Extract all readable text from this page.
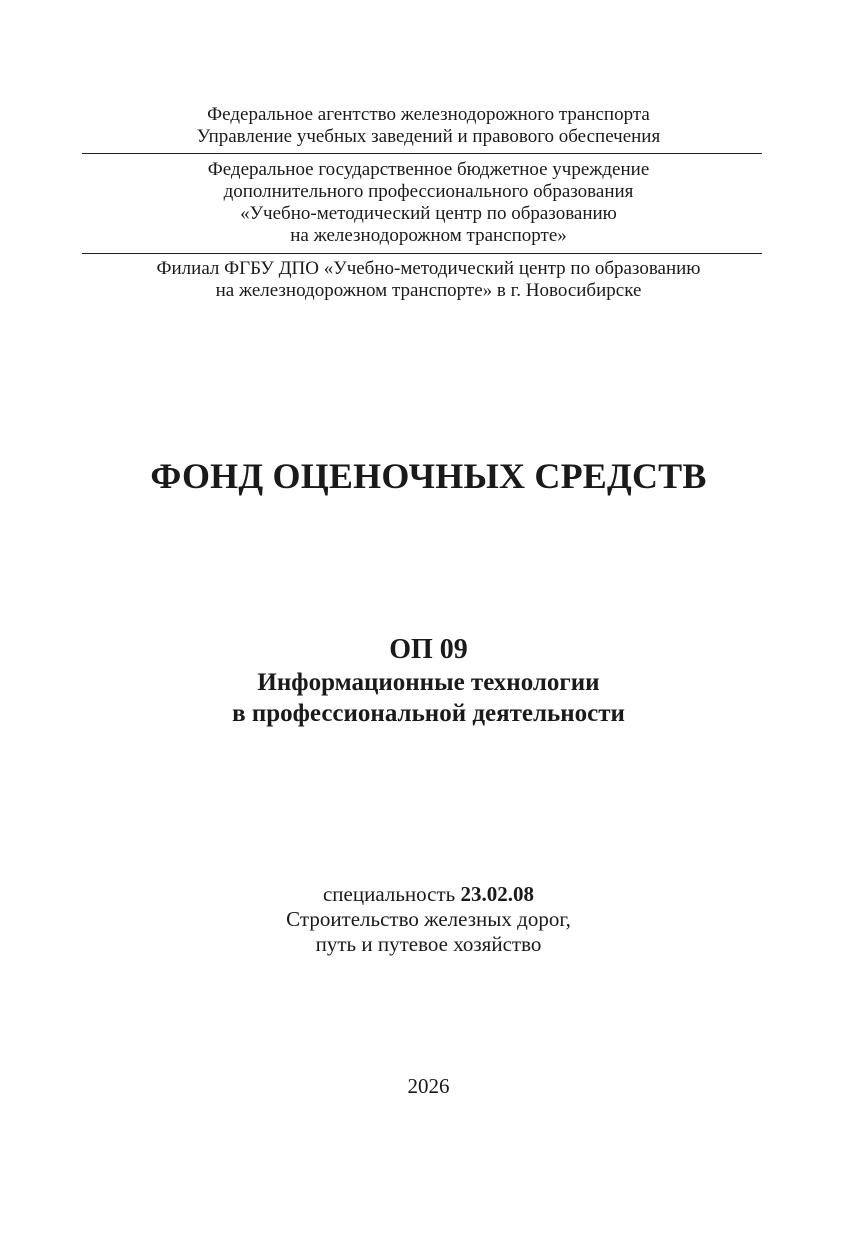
Федеральное агентство железнодорожного транспорта
Управление учебных заведений и правового обеспечения
Федеральное государственное бюджетное учреждение
дополнительного профессионального образования
«Учебно-методический центр по образованию
на железнодорожном транспорте»
Филиал ФГБУ ДПО «Учебно-методический центр по образованию
на железнодорожном транспорте» в г. Новосибирске
ФОНД ОЦЕНОЧНЫХ СРЕДСТВ
ОП 09
Информационные технологии
в профессиональной деятельности
специальность 23.02.08
Строительство железных дорог,
путь и путевое хозяйство
2026
